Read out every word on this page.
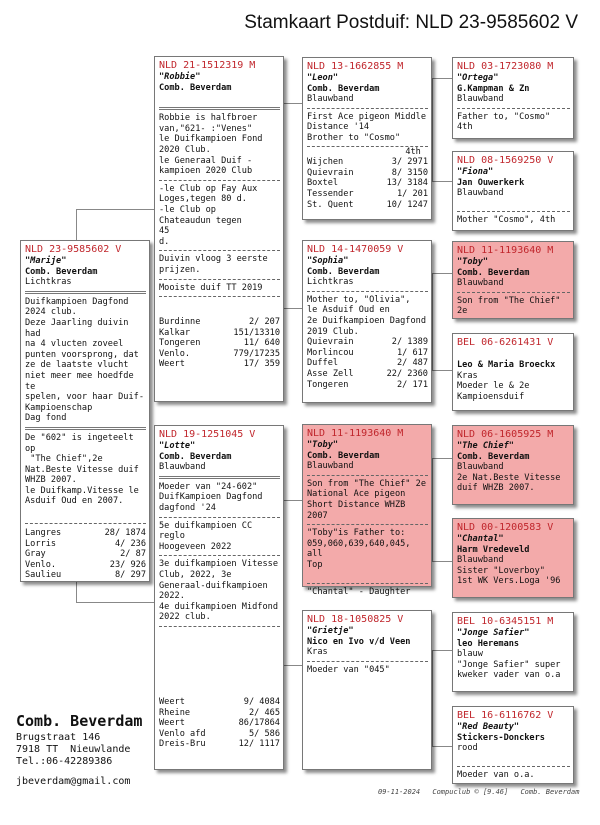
Stamkaart Postduif: NLD 23-9585602 V
NLD 23-9585602 V
"Marije"
Comb. Beverdam
Lichtkras
Duifkampioen Dagfond
2024 club.
Deze Jaarling duivin had
na 4 vlucten zoveel
punten voorsprong, dat
ze de laatste vlucht
niet meer mee hoedfde te
spelen, voor haar Duif-
Kampioenschap
Dag fond
De "602" is ingeteelt op
"The Chief",2e
Nat.Beste Vitesse duif
WHZB 2007.
le Duifkamp.Vitesse le
Asduif Oud en 2007.
Langres	28/ 1874
Lorris	4/ 236
Gray	2/ 87
Venlo.	23/ 926
Saulieu	8/ 297
NLD 21-1512319 M
"Robbie"
Comb. Beverdam
Robbie is halfbroer
van,"621- :"Venes"
le Duifkampioen Fond
2020 Club.
le Generaal Duif -
kampioen 2020 Club
-le Club op Fay Aux
Loges,tegen 80 d.
-le Club op
Chateaudun tegen      45
d.
Duivin vloog 3 eerste
prijzen.
Mooiste duif TT 2019
Burdinne	2/ 207
Kalkar	151/13310
Tongeren	11/ 640
Venlo.	779/17235
Weert	17/ 359
NLD 19-1251045 V
"Lotte"
Comb. Beverdam
Blauwband
Moeder van "24-602"
DuifKampioen Dagfond
dagfond '24
5e duifkampioen CC reglo
Hoogeveen 2022
3e duifkampioen Vitesse
Club, 2022, 3e
Generaal-duifkampioen
2022.
4e duifkampioen Midfond
2022 club.
Weert	9/ 4084
Rheine	2/ 465
Weert	86/17864
Venlo afd	5/ 586
Dreis-Bru	12/ 1117
NLD 13-1662855 M
"Leon"
Comb. Beverdam
Blauwband
First Ace pigeon Middle
Distance '14
Brother to "Cosmo"
4th
Wijchen	3/ 2971
Quievrain	8/ 3150
Boxtel	13/ 3184
Tessender	1/ 201
St. Quent	10/ 1247
NLD 14-1470059 V
"Sophia"
Comb. Beverdam
Lichtkras
Mother to, "Olivia",
le Asduif Oud en
2e Duifkampioen Dagfond
2019 Club.
Quievrain	2/ 1389
Morlincou	1/ 617
Duffel	2/ 487
Asse Zell	22/ 2360
Tongeren	2/ 171
NLD 11-1193640 M
"Toby"
Comb. Beverdam
Blauwband
Son from "The Chief" 2e
National Ace pigeon
Short Distance WHZB 2007
"Toby"is Father to:
059,060,639,640,045, all
Top
"Chantal" - Daughter
NLD 18-1050825 V
"Grietje"
Nico en Ivo v/d Veen
Kras
Moeder van "045"
NLD 03-1723080 M
"Ortega"
G.Kampman & Zn
Blauwband
Father to, "Cosmo" 4th
NLD 08-1569250 V
"Fiona"
Jan Ouwerkerk
Blauwband
Mother "Cosmo", 4th
NLD 11-1193640 M
"Toby"
Comb. Beverdam
Blauwband
Son from "The Chief" 2e
BEL 06-6261431 V
Leo & Maria Broeckx
Kras
Moeder le & 2e
Kampioensduif
NLD 06-1605925 M
"The Chief"
Comb. Beverdam
Blauwband
2e Nat.Beste Vitesse
duif WHZB 2007.
NLD 00-1200583 V
"Chantal"
Harm Vredeveld
Blauwband
Sister "Loverboy"
1st WK Vers.Loga '96
BEL 10-6345151 M
"Jonge Safier"
leo Heremans
blauw
"Jonge Safier" super
kweker vader van o.a
BEL 16-6116762 V
"Red Beauty"
Stickers-Donckers
rood
Moeder van o.a.
Comb. Beverdam
Brugstraat 146
7918 TT  Nieuwlande
Tel.:06-42289386
jbeverdam@gmail.com
09-11-2024 Compuclub © [9.46] Comb. Beverdam
